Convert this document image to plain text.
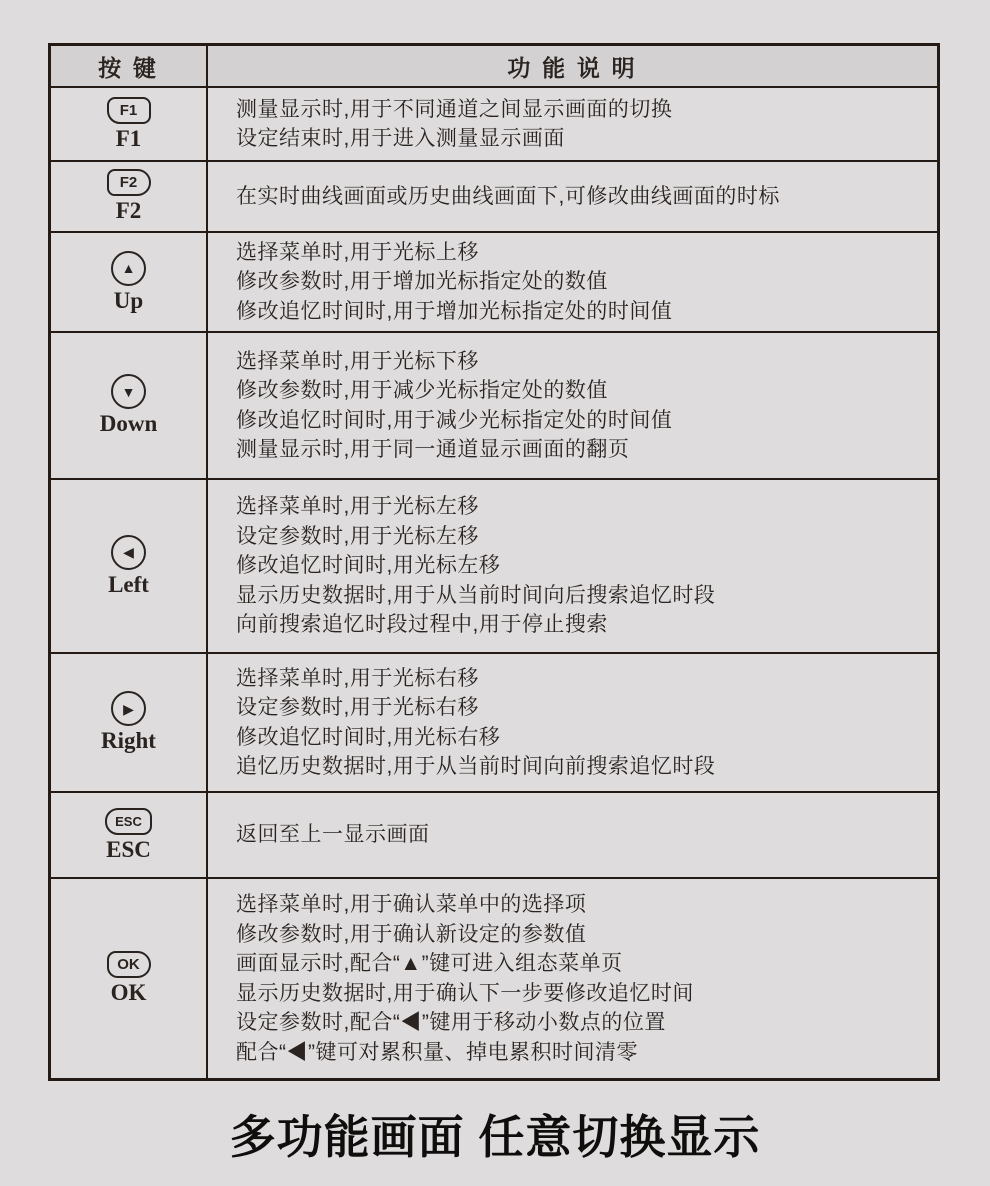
按 键	功 能 说 明
F1
F1
测量显示时,用于不同通道之间显示画面的切换
设定结束时,用于进入测量显示画面
F2
F2
在实时曲线画面或历史曲线画面下,可修改曲线画面的时标
▲
Up
选择菜单时,用于光标上移
修改参数时,用于增加光标指定处的数值
修改追忆时间时,用于增加光标指定处的时间值
▼
Down
选择菜单时,用于光标下移
修改参数时,用于减少光标指定处的数值
修改追忆时间时,用于减少光标指定处的时间值
测量显示时,用于同一通道显示画面的翻页
◀
Left
选择菜单时,用于光标左移
设定参数时,用于光标左移
修改追忆时间时,用光标左移
显示历史数据时,用于从当前时间向后搜索追忆时段
向前搜索追忆时段过程中,用于停止搜索
▶
Right
选择菜单时,用于光标右移
设定参数时,用于光标右移
修改追忆时间时,用光标右移
追忆历史数据时,用于从当前时间向前搜索追忆时段
ESC
ESC
返回至上一显示画面
OK
OK
选择菜单时,用于确认菜单中的选择项
修改参数时,用于确认新设定的参数值
画面显示时,配合“▲”键可进入组态菜单页
显示历史数据时,用于确认下一步要修改追忆时间
设定参数时,配合“◀”键用于移动小数点的位置
配合“◀”键可对累积量、掉电累积时间清零
多功能画面 任意切换显示
